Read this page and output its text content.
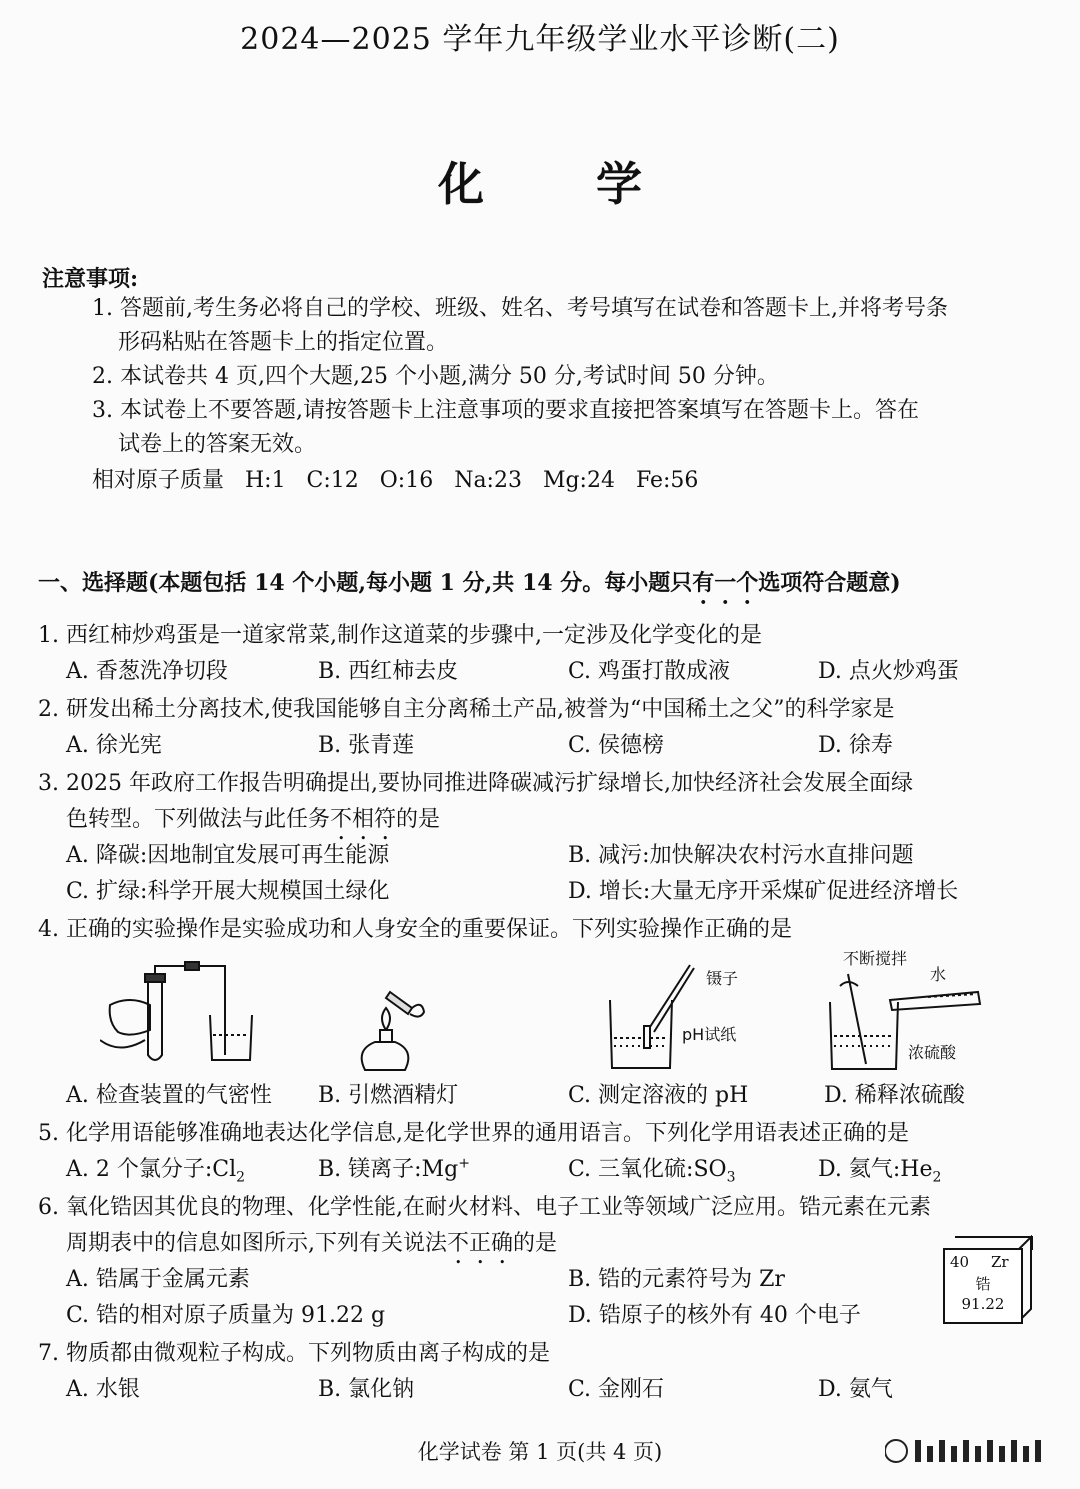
2024—2025 学年九年级学业水平诊断(二)
化 学
注意事项:
1. 答题前,考生务必将自己的学校、班级、姓名、考号填写在试卷和答题卡上,并将考号条
形码粘贴在答题卡上的指定位置。
2. 本试卷共 4 页,四个大题,25 个小题,满分 50 分,考试时间 50 分钟。
3. 本试卷上不要答题,请按答题卡上注意事项的要求直接把答案填写在答题卡上。答在
试卷上的答案无效。
相对原子质量   H:1   C:12   O:16   Na:23   Mg:24   Fe:56
一、选择题(本题包括 14 个小题,每小题 1 分,共 14 分。每小题只有一个选项符合题意)
1. 西红柿炒鸡蛋是一道家常菜,制作这道菜的步骤中,一定涉及化学变化的是
A. 香葱洗净切段	B. 西红柿去皮	C. 鸡蛋打散成液	D. 点火炒鸡蛋
2. 研发出稀土分离技术,使我国能够自主分离稀土产品,被誉为“中国稀土之父”的科学家是
A. 徐光宪	B. 张青莲	C. 侯德榜	D. 徐寿
3. 2025 年政府工作报告明确提出,要协同推进降碳减污扩绿增长,加快经济社会发展全面绿
色转型。下列做法与此任务不相符的是
A. 降碳:因地制宜发展可再生能源	B. 减污:加快解决农村污水直排问题
C. 扩绿:科学开展大规模国土绿化	D. 增长:大量无序开采煤矿促进经济增长
4. 正确的实验操作是实验成功和人身安全的重要保证。下列实验操作正确的是
镊子
pH试纸
不断搅拌
水
浓硫酸
A. 检查装置的气密性 B. 引燃酒精灯	C. 测定溶液的 pH	D. 稀释浓硫酸
5. 化学用语能够准确地表达化学信息,是化学世界的通用语言。下列化学用语表述正确的是
A. 2 个氯分子$:Cl_2$	B. 镁离子:Mg+	C. 三氧化硫$:SO_3$	D. 氦气$:He_2$
6. 氧化锆因其优良的物理、化学性能,在耐火材料、电子工业等领域广泛应用。锆元素在元素
周期表中的信息如图所示,下列有关说法不正确的是
A. 锆属于金属元素	B. 锆的元素符号为 Zr
C. 锆的相对原子质量为 91.22 g	D. 锆原子的核外有 40 个电子
40 Zr
锆
91.22
7. 物质都由微观粒子构成。下列物质由离子构成的是
A. 水银	B. 氯化钠	C. 金刚石	D. 氨气
化学试卷 第 1 页(共 4 页)
